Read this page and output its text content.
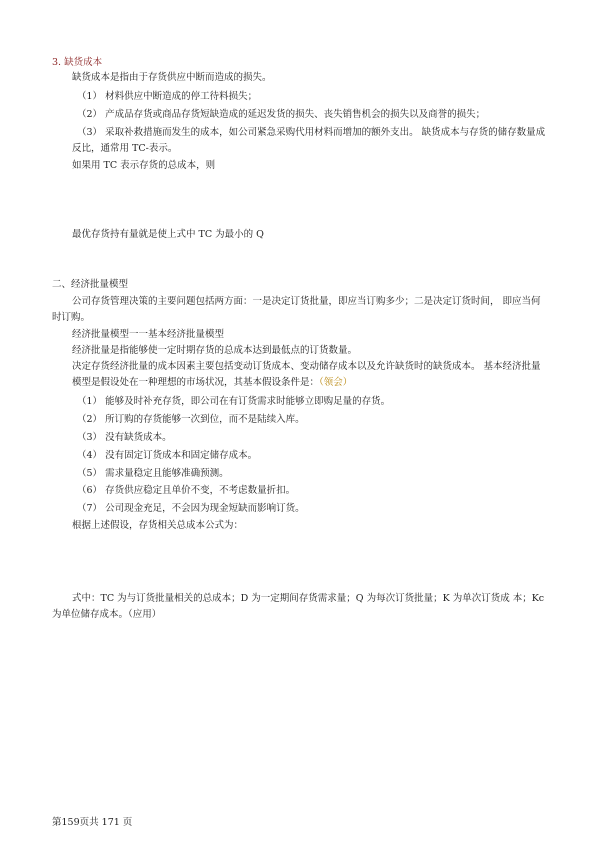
3. 缺货成本
缺货成本是指由于存货供应中断而造成的损失。
（1） 材料供应中断造成的停工待料损失；
（2） 产成品存货或商品存货短缺造成的延迟发货的损失、丧失销售机会的损失以及商誉的损失；
（3） 采取补救措施而发生的成本，如公司紧急采购代用材料而增加的额外支出。 缺货成本与存货的储存数量成
反比，通常用 TC-表示。
如果用 TC 表示存货的总成本，则
最优存货持有量就是使上式中 TC 为最小的 Q
二、经济批量模型
公司存货管理决策的主要问题包括两方面：一是决定订货批量，即应当订购多少；二是决定订货时间， 即应当何
时订购。
经济批量模型一一基本经济批量模型
经济批量是指能够使一定时期存货的总成本达到最低点的订货数量。
决定存货经济批量的成本因素主要包括变动订货成本、变动储存成本以及允许缺货时的缺货成本。 基本经济批量
模型是假设处在一种理想的市场状况，其基本假设条件是：（领会）
（1） 能够及时补充存货，即公司在有订货需求时能够立即购足量的存货。
（2） 所订购的存货能够一次到位，而不是陆续入库。
（3） 没有缺货成本。
（4） 没有固定订货成本和固定储存成本。
（5） 需求量稳定且能够准确预测。
（6） 存货供应稳定且单价不变，不考虑数量折扣。
（7） 公司现金充足，不会因为现金短缺而影响订货。
根据上述假设，存货相关总成本公式为：
式中：TC 为与订货批量相关的总成本；D 为一定期间存货需求量；Q 为每次订货批量；K 为单次订货成 本；Kc
为单位储存成本。（应用）
第159页共 171 页
